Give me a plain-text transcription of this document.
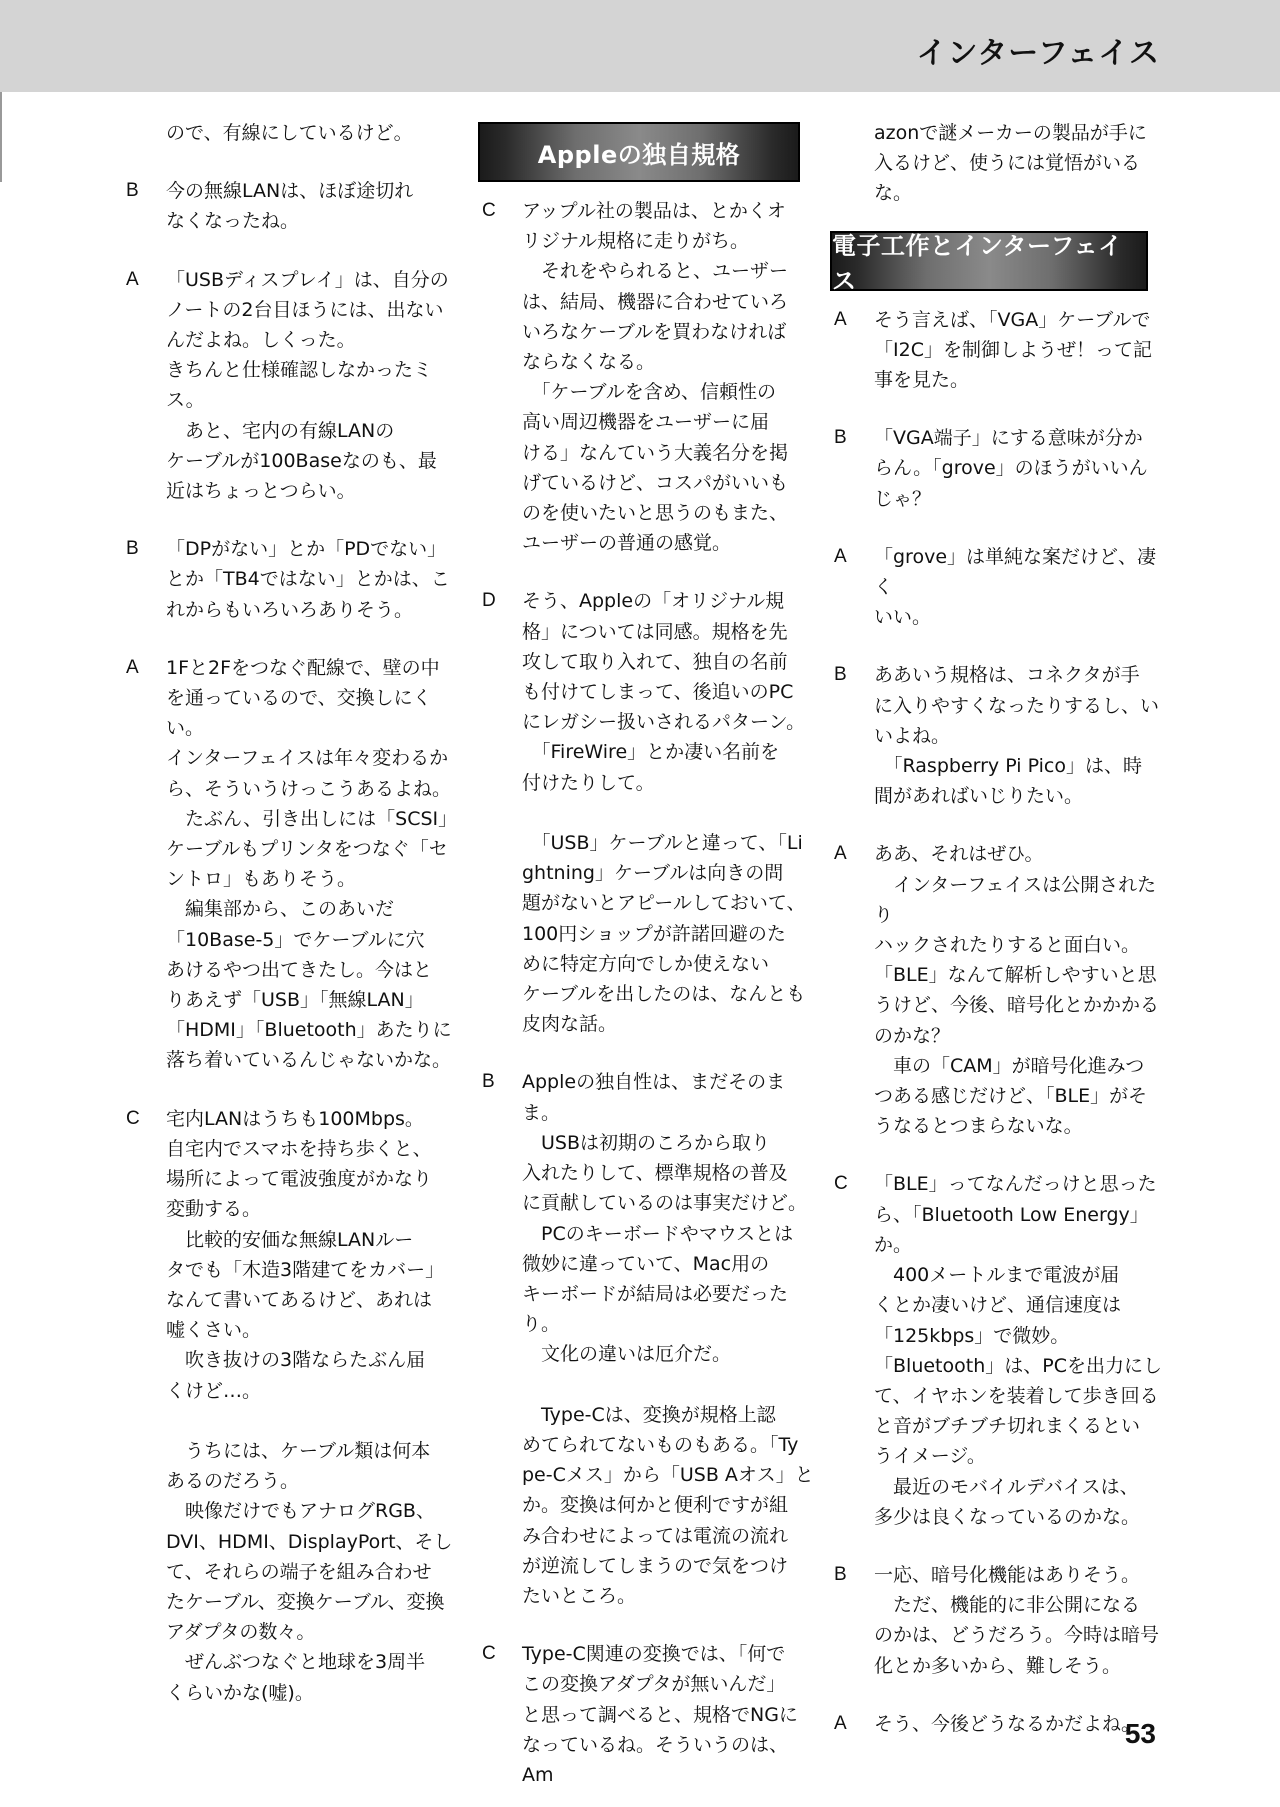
インターフェイス
ので、有線にしているけど。
B	今の無線LANは、ほぼ途切れ
なくなったね。
A	「USBディスプレイ」は、自分の
ノートの2台目ほうには、出ない
んだよね。しくった。
きちんと仕様確認しなかったミス。
　あと、宅内の有線LANの
ケーブルが100Baseなのも、最
近はちょっとつらい。
B	「DPがない」とか「PDでない」
とか「TB4ではない」とかは、こ
れからもいろいろありそう。
A	1Fと2Fをつなぐ配線で、壁の中
を通っているので、交換しにくい。
インターフェイスは年々変わるか
ら、そういうけっこうあるよね。
　たぶん、引き出しには「SCSI」
ケーブルもプリンタをつなぐ「セ
ントロ」もありそう。
　編集部から、このあいだ
「10Base-5」でケーブルに穴
あけるやつ出てきたし。今はと
りあえず「USB」「無線LAN」
「HDMI」「Bluetooth」あたりに
落ち着いているんじゃないかな。
C	宅内LANはうちも100Mbps。
自宅内でスマホを持ち歩くと、
場所によって電波強度がかなり
変動する。
　比較的安価な無線LANルー
タでも「木造3階建てをカバー」
なんて書いてあるけど、あれは
嘘くさい。
　吹き抜けの3階ならたぶん届
くけど…。

　うちには、ケーブル類は何本
あるのだろう。
　映像だけでもアナログRGB、
DVI、HDMI、DisplayPort、そし
て、それらの端子を組み合わせ
たケーブル、変換ケーブル、変換
アダプタの数々。
　ぜんぶつなぐと地球を3周半
くらいかな(嘘)。
Appleの独自規格
C	アップル社の製品は、とかくオ
リジナル規格に走りがち。
　それをやられると、ユーザー
は、結局、機器に合わせていろ
いろなケーブルを買わなければ
ならなくなる。
　「ケーブルを含め、信頼性の
高い周辺機器をユーザーに届
ける」なんていう大義名分を掲
げているけど、コスパがいいも
のを使いたいと思うのもまた、
ユーザーの普通の感覚。
D	そう、Appleの「オリジナル規
格」については同感。規格を先
攻して取り入れて、独自の名前
も付けてしまって、後追いのPC
にレガシー扱いされるパターン。
　「FireWire」とか凄い名前を
付けたりして。

　「USB」ケーブルと違って、「Li
ghtning」ケーブルは向きの問
題がないとアピールしておいて、
100円ショップが許諾回避のた
めに特定方向でしか使えない
ケーブルを出したのは、なんとも
皮肉な話。
B	Appleの独自性は、まだそのまま。
　USBは初期のころから取り
入れたりして、標準規格の普及
に貢献しているのは事実だけど。
　PCのキーボードやマウスとは
微妙に違っていて、Mac用の
キーボードが結局は必要だったり。
　文化の違いは厄介だ。

　Type-Cは、変換が規格上認
めてられてないものもある。「Ty
pe-Cメス」から「USB Aオス」と
か。変換は何かと便利ですが組
み合わせによっては電流の流れ
が逆流してしまうので気をつけ
たいところ。
C	Type-C関連の変換では、「何で
この変換アダプタが無いんだ」
と思って調べると、規格でNGに
なっているね。そういうのは、Am
azonで謎メーカーの製品が手に
入るけど、使うには覚悟がいるな。
電子工作とインターフェイス
A	そう言えば、「VGA」ケーブルで
「I2C」を制御しようぜ！って記
事を見た。
B	「VGA端子」にする意味が分か
らん。「grove」のほうがいいん
じゃ？
A	「grove」は単純な案だけど、凄く
いい。
B	ああいう規格は、コネクタが手
に入りやすくなったりするし、い
いよね。
　「Raspberry Pi Pico」は、時
間があればいじりたい。
A	ああ、それはぜひ。
　インターフェイスは公開されたり
ハックされたりすると面白い。
「BLE」なんて解析しやすいと思
うけど、今後、暗号化とかかかる
のかな？
　車の「CAM」が暗号化進みつ
つある感じだけど、「BLE」がそ
うなるとつまらないな。
C	「BLE」ってなんだっけと思った
ら、「Bluetooth Low Energy」か。
　400メートルまで電波が届
くとか凄いけど、通信速度は
「125kbps」で微妙。
「Bluetooth」は、PCを出力にし
て、イヤホンを装着して歩き回る
と音がブチブチ切れまくるとい
うイメージ。
　最近のモバイルデバイスは、
多少は良くなっているのかな。
B	一応、暗号化機能はありそう。
　ただ、機能的に非公開になる
のかは、どうだろう。今時は暗号
化とか多いから、難しそう。
A	そう、今後どうなるかだよね。
53
